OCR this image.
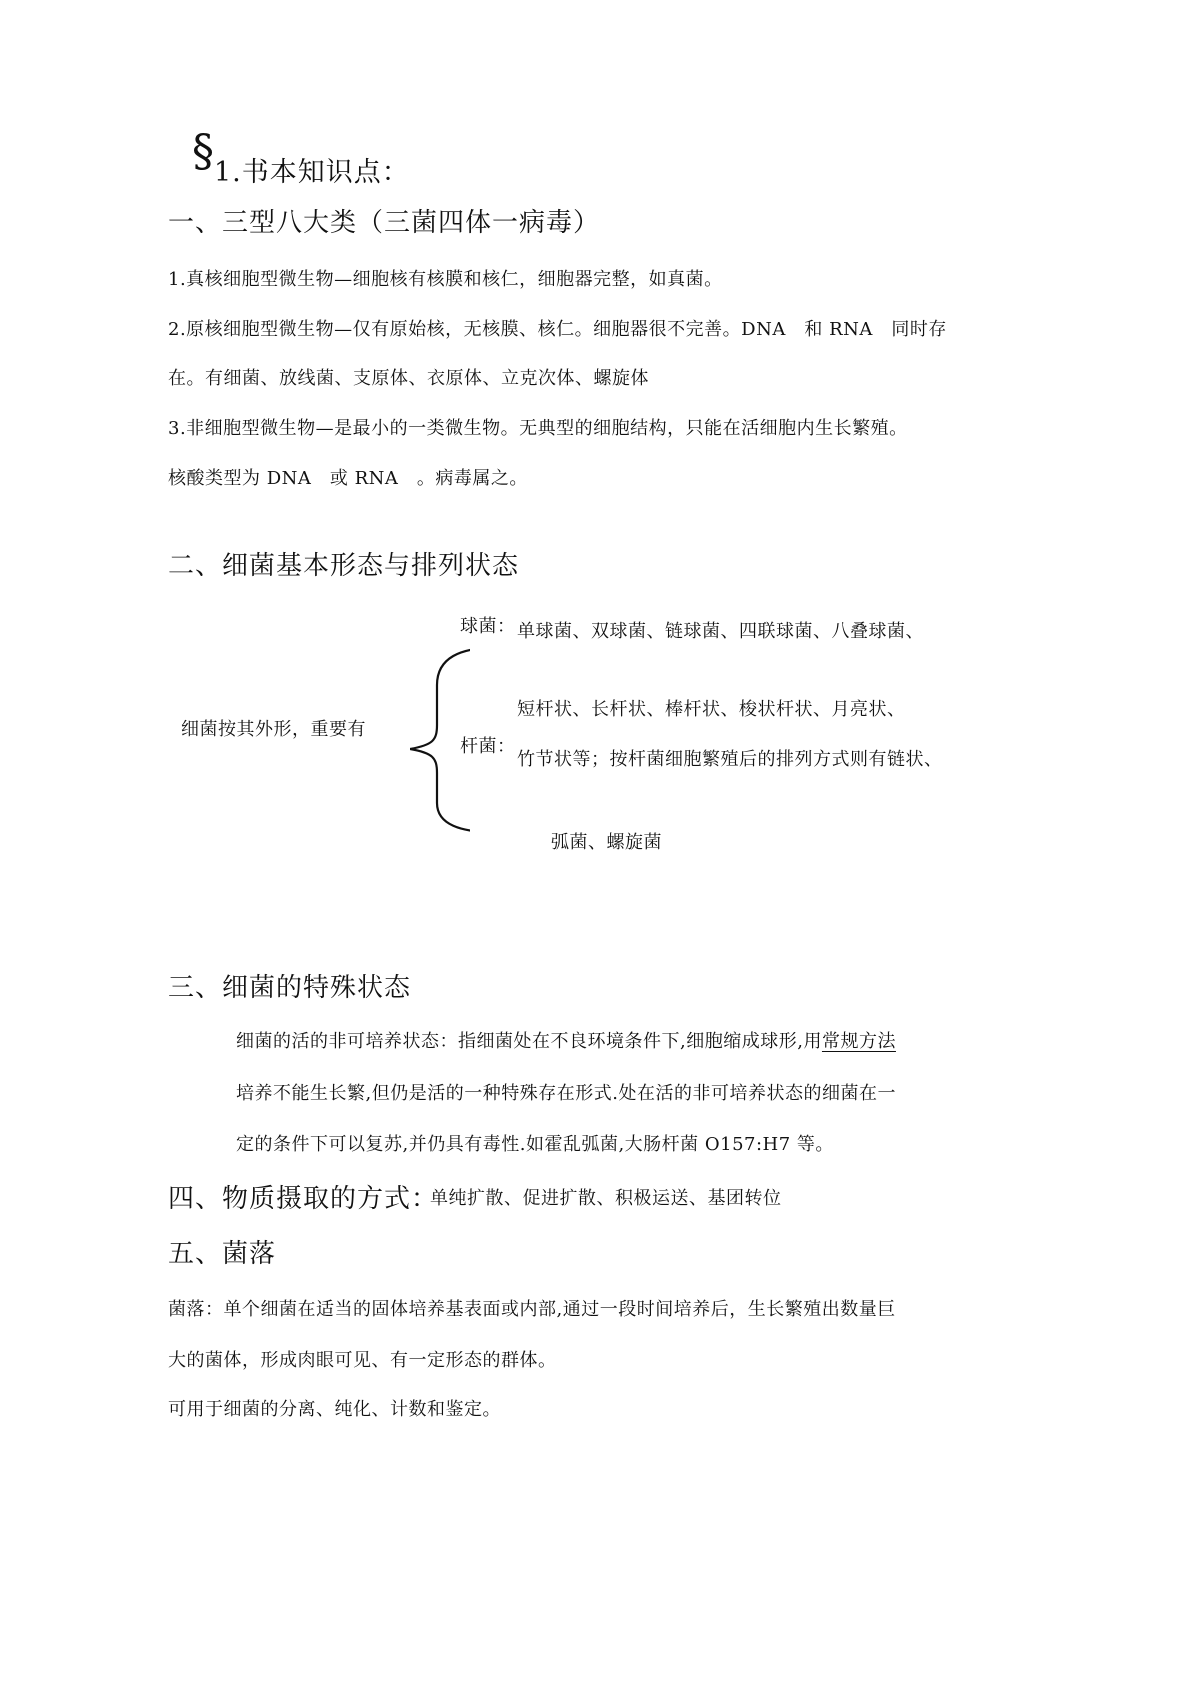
§ 1.书本知识点：
一、三型八大类（三菌四体一病毒）
1.真核细胞型微生物—细胞核有核膜和核仁，细胞器完整，如真菌。
2.原核细胞型微生物—仅有原始核，无核膜、核仁。细胞器很不完善。DNA　和 RNA　同时存
在。有细菌、放线菌、支原体、衣原体、立克次体、螺旋体
3.非细胞型微生物—是最小的一类微生物。无典型的细胞结构，只能在活细胞内生长繁殖。
核酸类型为 DNA　或 RNA　。病毒属之。
二、细菌基本形态与排列状态
细菌按其外形，重要有
球菌： 单球菌、双球菌、链球菌、四联球菌、八叠球菌、
短杆状、长杆状、棒杆状、梭状杆状、月亮状、
杆菌：
竹节状等；按杆菌细胞繁殖后的排列方式则有链状、
弧菌、螺旋菌
三、细菌的特殊状态
细菌的活的非可培养状态：指细菌处在不良环境条件下,细胞缩成球形,用常规方法
培养不能生长繁,但仍是活的一种特殊存在形式.处在活的非可培养状态的细菌在一
定的条件下可以复苏,并仍具有毒性.如霍乱弧菌,大肠杆菌 O157:H7 等。
四、物质摄取的方式：
单纯扩散、促进扩散、积极运送、基团转位
五、菌落
菌落：单个细菌在适当的固体培养基表面或内部,通过一段时间培养后，生长繁殖出数量巨
大的菌体，形成肉眼可见、有一定形态的群体。
可用于细菌的分离、纯化、计数和鉴定。
